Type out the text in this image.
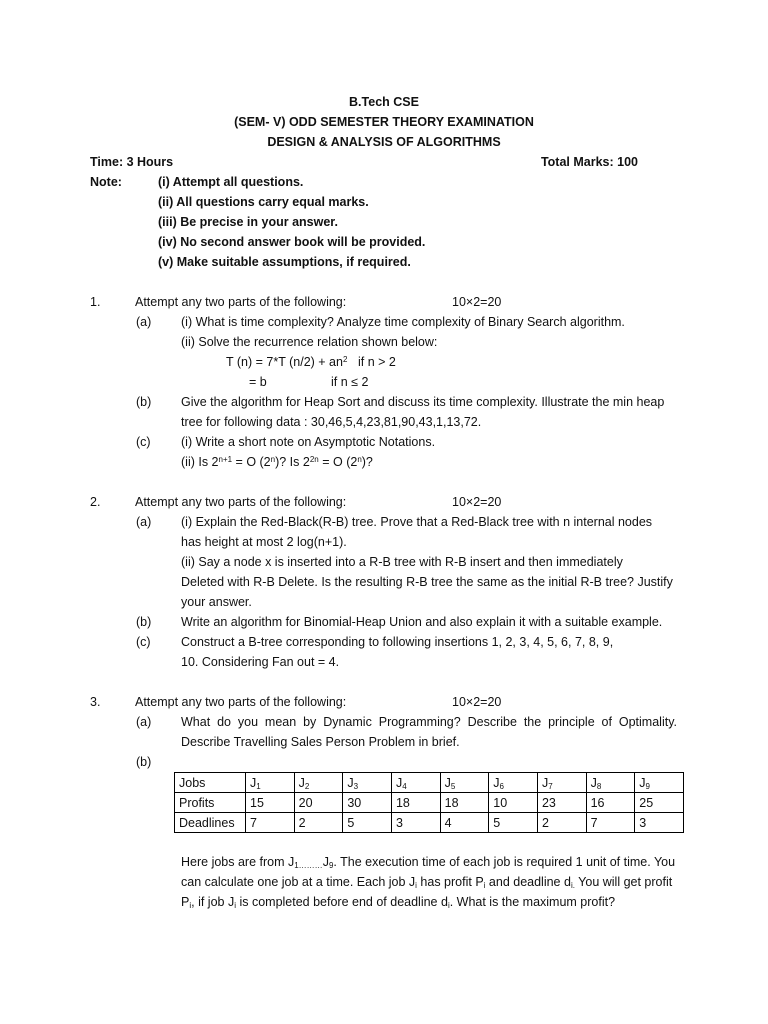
B.Tech CSE
(SEM- V) ODD SEMESTER THEORY EXAMINATION
DESIGN & ANALYSIS OF ALGORITHMS
Time: 3 Hours	Total Marks: 100
Note:	(i) Attempt all questions.
(ii) All questions carry equal marks.
(iii) Be precise in your answer.
(iv) No second answer book will be provided.
(v) Make suitable assumptions, if required.
1.	Attempt any two parts of the following:	10×2=20
(a) (i) What is time complexity? Analyze time complexity of Binary Search algorithm.
(ii) Solve the recurrence relation shown below:
T (n) = 7*T $(n/2) + an^2$ if n > 2
= b	if n ≤ 2
(b) Give the algorithm for Heap Sort and discuss its time complexity. Illustrate the min heap
tree for following data : 30,46,5,4,23,81,90,43,1,13,72.
(c) (i) Write a short note on Asymptotic Notations.
(ii) Is $2^{n+1} = O$ (2$^n$)? Is $2^{2n} = O$ (2$^n$)?
2.	Attempt any two parts of the following:	10×2=20
(a) (i) Explain the Red-Black(R-B) tree. Prove that a Red-Black tree with n internal nodes
has height at most 2 log(n+1).
(ii) Say a node x is inserted into a R-B tree with R-B insert and then immediately
Deleted with R-B Delete. Is the resulting R-B tree the same as the initial R-B tree? Justify
your answer.
(b) Write an algorithm for Binomial-Heap Union and also explain it with a suitable example.
(c) Construct a B-tree corresponding to following insertions 1, 2, 3, 4, 5, 6, 7, 8, 9,
10. Considering Fan out = 4.
3.	Attempt any two parts of the following:	10×2=20
(a) What do you mean by Dynamic Programming? Describe the principle of Optimality.
Describe Travelling Sales Person Problem in brief.
(b)
Jobs	$J_1$	$J_2$	$J_3$	$J_4$	$J_5$	$J_6$	$J_7$	$J_8$	$J_9$
Profits	15	20	30	18	18	10	23	16	25
Deadlines	7	2	5	3	4	5	2	7	3
Here jobs are from $J_{1\dots\dots\dots}J_9$. The execution time of each job is required 1 unit of time. You
can calculate one job at a time. Each job $J_i$ has profit $P_i$ and deadline $d_{i.}$ You will get profit
$P_i$, if job $J_i$ is completed before end of deadline $d_i$. What is the maximum profit?
